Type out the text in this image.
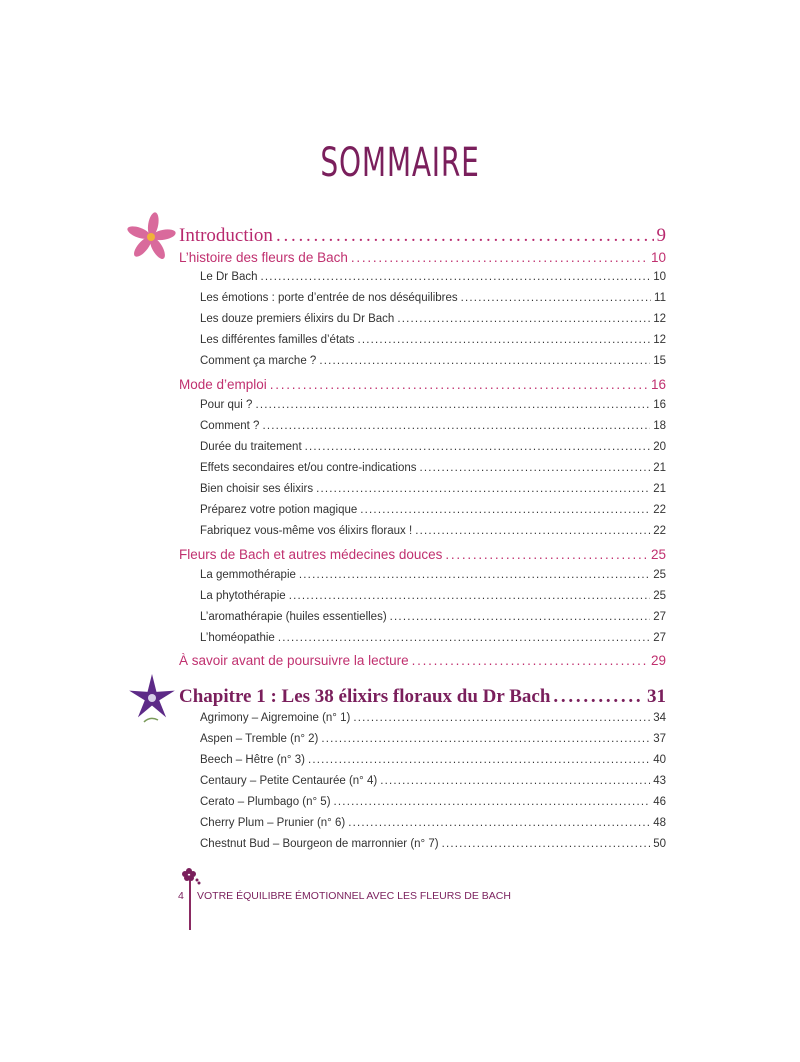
SOMMAIRE
Introduction . . .	9
L’histoire des fleurs de Bach . . .	10
Le Dr Bach . . .	10
Les émotions : porte d’entrée de nos déséquilibres . . .	11
Les douze premiers élixirs du Dr Bach . . .	12
Les différentes familles d’états . . .	12
Comment ça marche ? . . .	15
Mode d’emploi . . .	16
Pour qui ? . . .	16
Comment ? . . .	18
Durée du traitement . . .	20
Effets secondaires et/ou contre-indications . . .	21
Bien choisir ses élixirs . . .	21
Préparez votre potion magique . . .	22
Fabriquez vous-même vos élixirs floraux ! . . .	22
Fleurs de Bach et autres médecines douces . . .	25
La gemmothérapie . . .	25
La phytothérapie . . .	25
L’aromathérapie (huiles essentielles) . . .	27
L’homéopathie . . .	27
À savoir avant de poursuivre la lecture . . .	29
Chapitre 1 : Les 38 élixirs floraux du Dr Bach . . .	31
Agrimony – Aigremoine (n° 1) . . .	34
Aspen – Tremble (n° 2) . . .	37
Beech – Hêtre (n° 3) . . .	40
Centaury – Petite Centaurée (n° 4) . . .	43
Cerato – Plumbago (n° 5) . . .	46
Cherry Plum – Prunier (n° 6) . . .	48
Chestnut Bud – Bourgeon de marronnier (n° 7) . . .	50
4 VOTRE ÉQUILIBRE ÉMOTIONNEL AVEC LES FLEURS DE BACH
